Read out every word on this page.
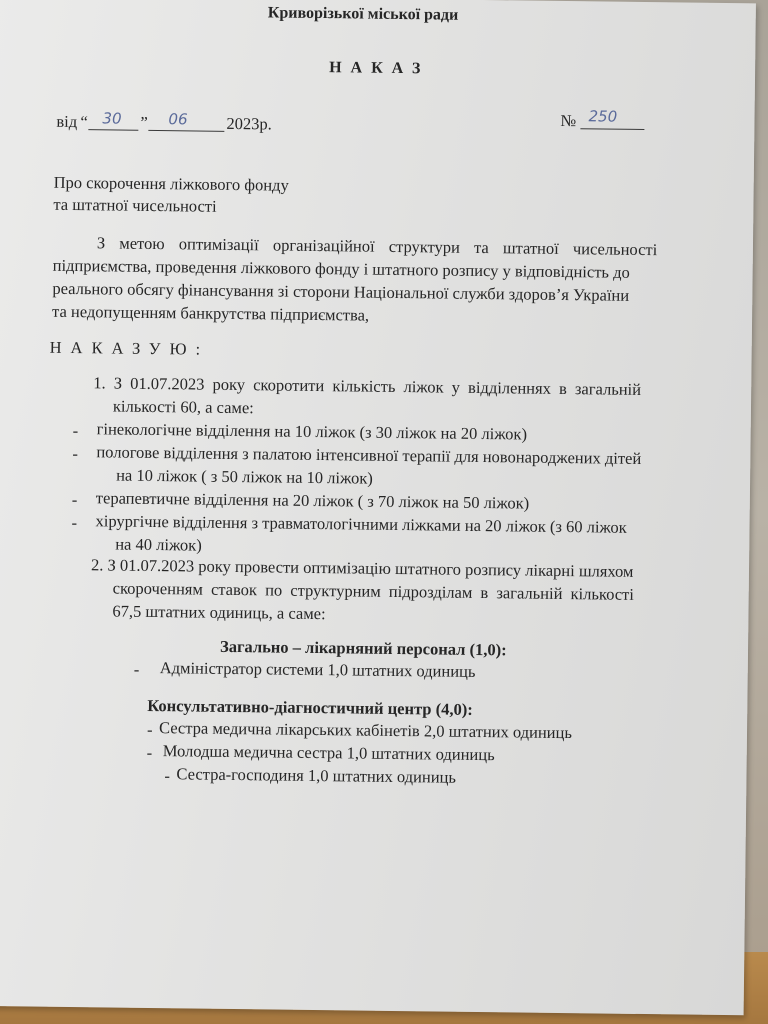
Криворізької міської ради
НАКАЗ
від “ 30 ” 06 2023р.	№ 250
Про скорочення ліжкового фонду
та штатної чисельності
З метою оптимізації організаційної структури та штатної чисельності
підприємства, проведення ліжкового фонду і штатного розпису у відповідність до
реального обсягу фінансування зі сторони Національної служби здоров’я України
та недопущенням банкрутства підприємства,
НАКАЗУЮ:
1. З 01.07.2023 року скоротити кількість ліжок у відділеннях в загальній
кількості 60, а саме:
- гінекологічне відділення на 10 ліжок (з 30 ліжок на 20 ліжок)
- пологове відділення з палатою інтенсивної терапії для новонароджених дітей
на 10 ліжок ( з 50 ліжок на 10 ліжок)
- терапевтичне відділення на 20 ліжок ( з 70 ліжок на 50 ліжок)
- хірургічне відділення з травматологічними ліжками на 20 ліжок (з 60 ліжок
на 40 ліжок)
2. З 01.07.2023 року провести оптимізацію штатного розпису лікарні шляхом
скороченням ставок по структурним підрозділам в загальній кількості
67,5 штатних одиниць, а саме:
Загально – лікарняний персонал (1,0):
- Адміністратор системи 1,0 штатних одиниць
Консультативно-діагностичний центр (4,0):
- Сестра медична лікарських кабінетів 2,0 штатних одиниць
- Молодша медична сестра 1,0 штатних одиниць
- Сестра-господиня 1,0 штатних одиниць
